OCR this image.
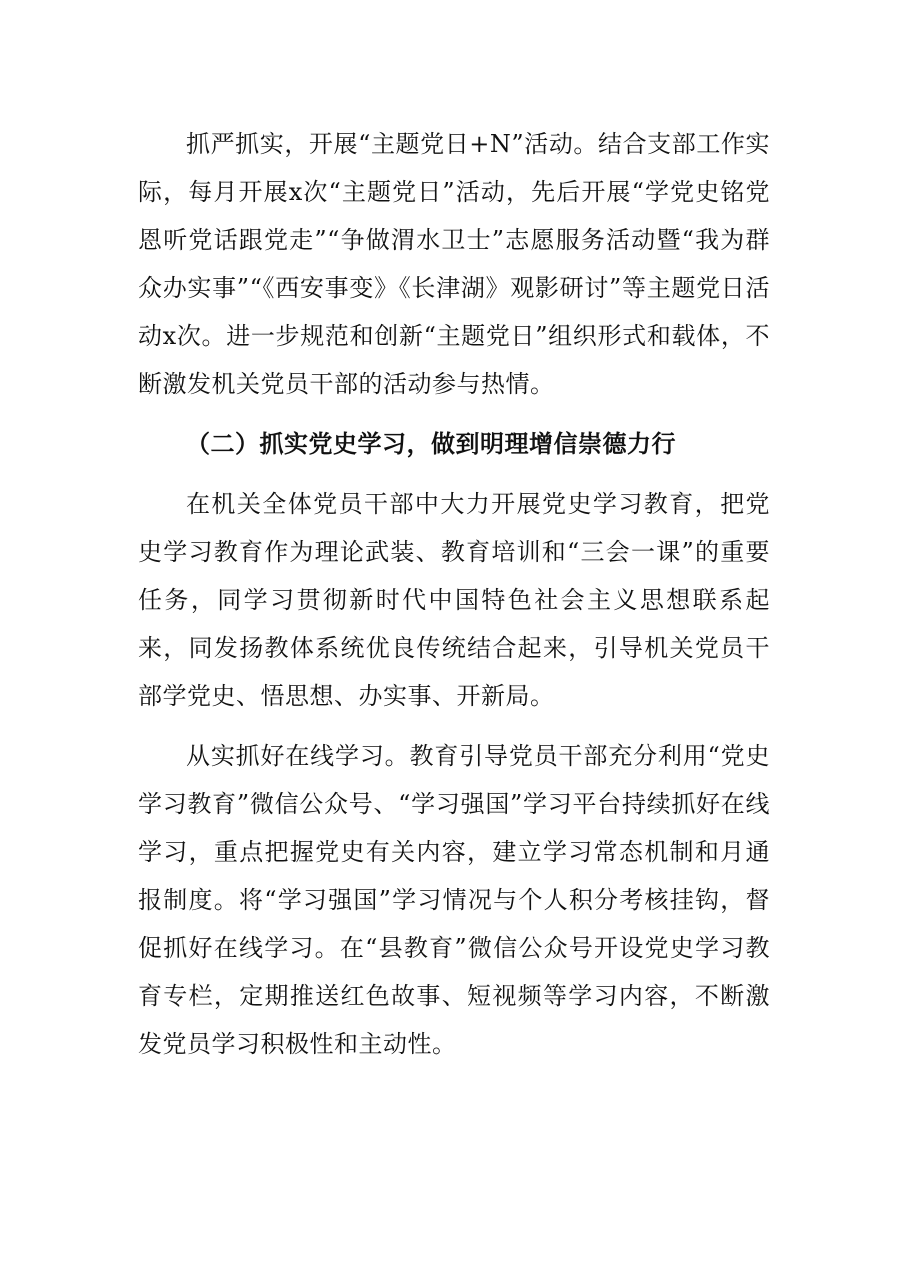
抓严抓实，开展“主题党日+N”活动。结合支部工作实际，每月开展x次“主题党日”活动，先后开展“学党史铭党恩听党话跟党走”“争做渭水卫士”志愿服务活动暨“我为群众办实事”“《西安事变》《长津湖》观影研讨”等主题党日活动x次。进一步规范和创新“主题党日”组织形式和载体，不断激发机关党员干部的活动参与热情。

（二）抓实党史学习，做到明理增信崇德力行

在机关全体党员干部中大力开展党史学习教育，把党史学习教育作为理论武装、教育培训和“三会一课”的重要任务，同学习贯彻新时代中国特色社会主义思想联系起来，同发扬教体系统优良传统结合起来，引导机关党员干部学党史、悟思想、办实事、开新局。

从实抓好在线学习。教育引导党员干部充分利用“党史学习教育”微信公众号、“学习强国”学习平台持续抓好在线学习，重点把握党史有关内容，建立学习常态机制和月通报制度。将“学习强国”学习情况与个人积分考核挂钩，督促抓好在线学习。在“县教育”微信公众号开设党史学习教育专栏，定期推送红色故事、短视频等学习内容，不断激发党员学习积极性和主动性。
